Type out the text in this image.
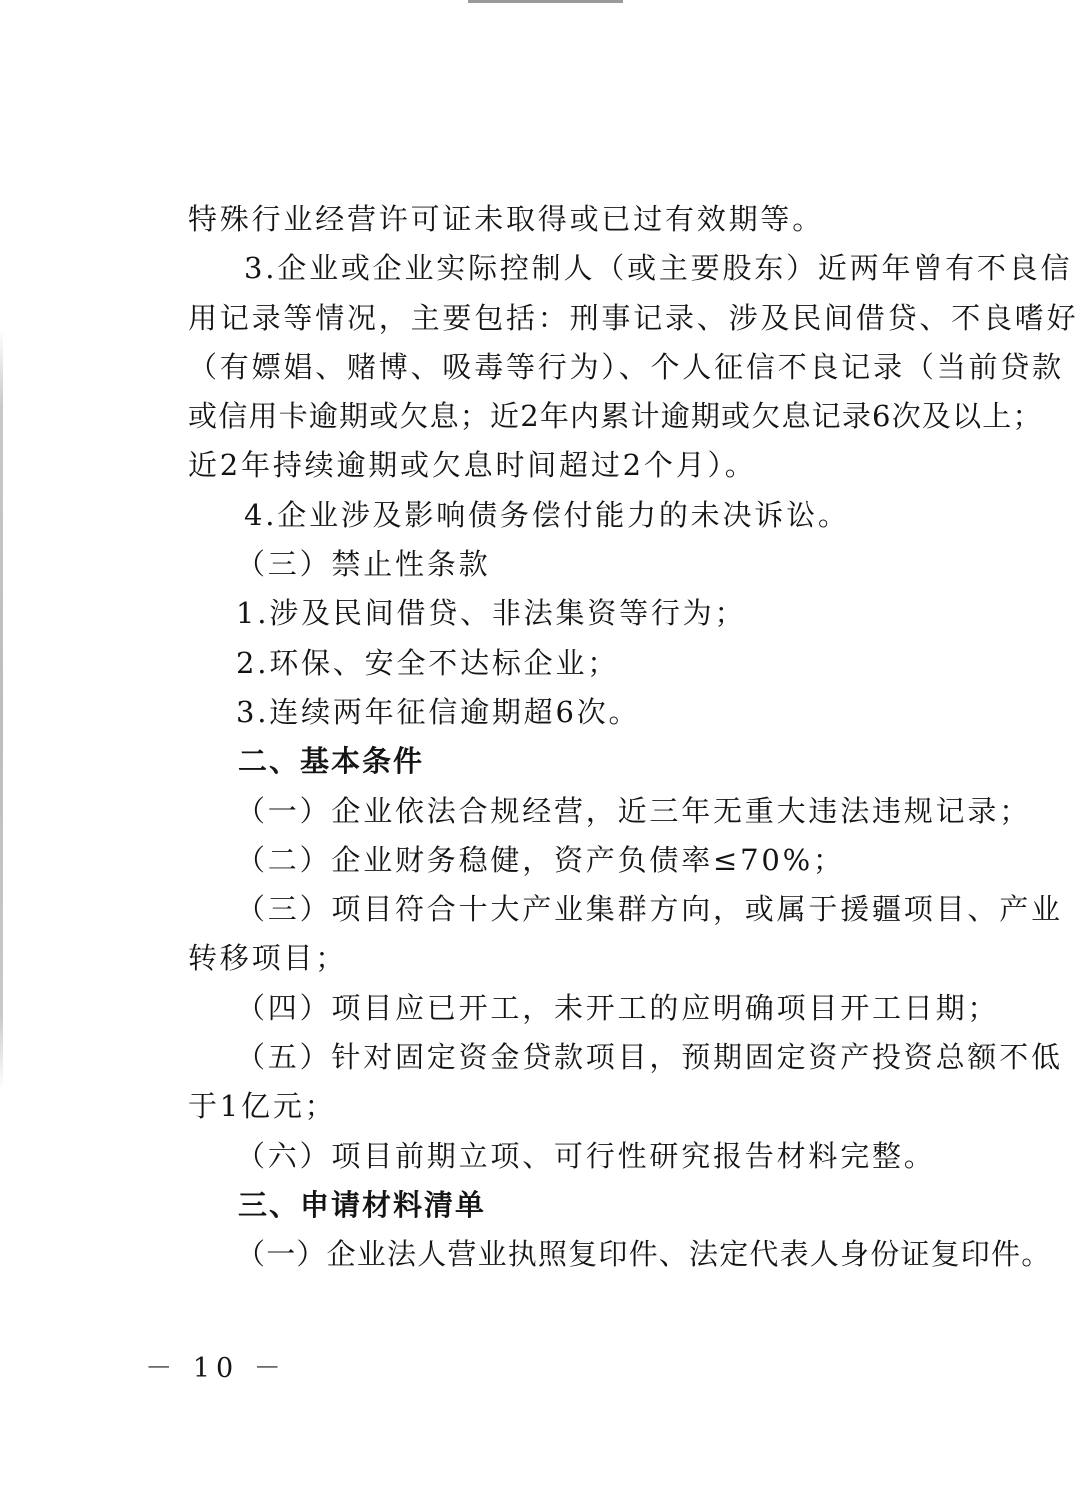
特殊行业经营许可证未取得或已过有效期等。
3.企业或企业实际控制人（或主要股东）近两年曾有不良信
用记录等情况，主要包括：刑事记录、涉及民间借贷、不良嗜好
（有嫖娼、赌博、吸毒等行为）、个人征信不良记录（当前贷款
或信用卡逾期或欠息；近2年内累计逾期或欠息记录6次及以上；
近2年持续逾期或欠息时间超过2个月）。
4.企业涉及影响债务偿付能力的未决诉讼。
（三）禁止性条款
1.涉及民间借贷、非法集资等行为；
2.环保、安全不达标企业；
3.连续两年征信逾期超6次。
二、基本条件
（一）企业依法合规经营，近三年无重大违法违规记录；
（二）企业财务稳健，资产负债率≤70%；
（三）项目符合十大产业集群方向，或属于援疆项目、产业
转移项目；
（四）项目应已开工，未开工的应明确项目开工日期；
（五）针对固定资金贷款项目，预期固定资产投资总额不低
于1亿元；
（六）项目前期立项、可行性研究报告材料完整。
三、申请材料清单
（一）企业法人营业执照复印件、法定代表人身份证复印件。
－ 10 －
